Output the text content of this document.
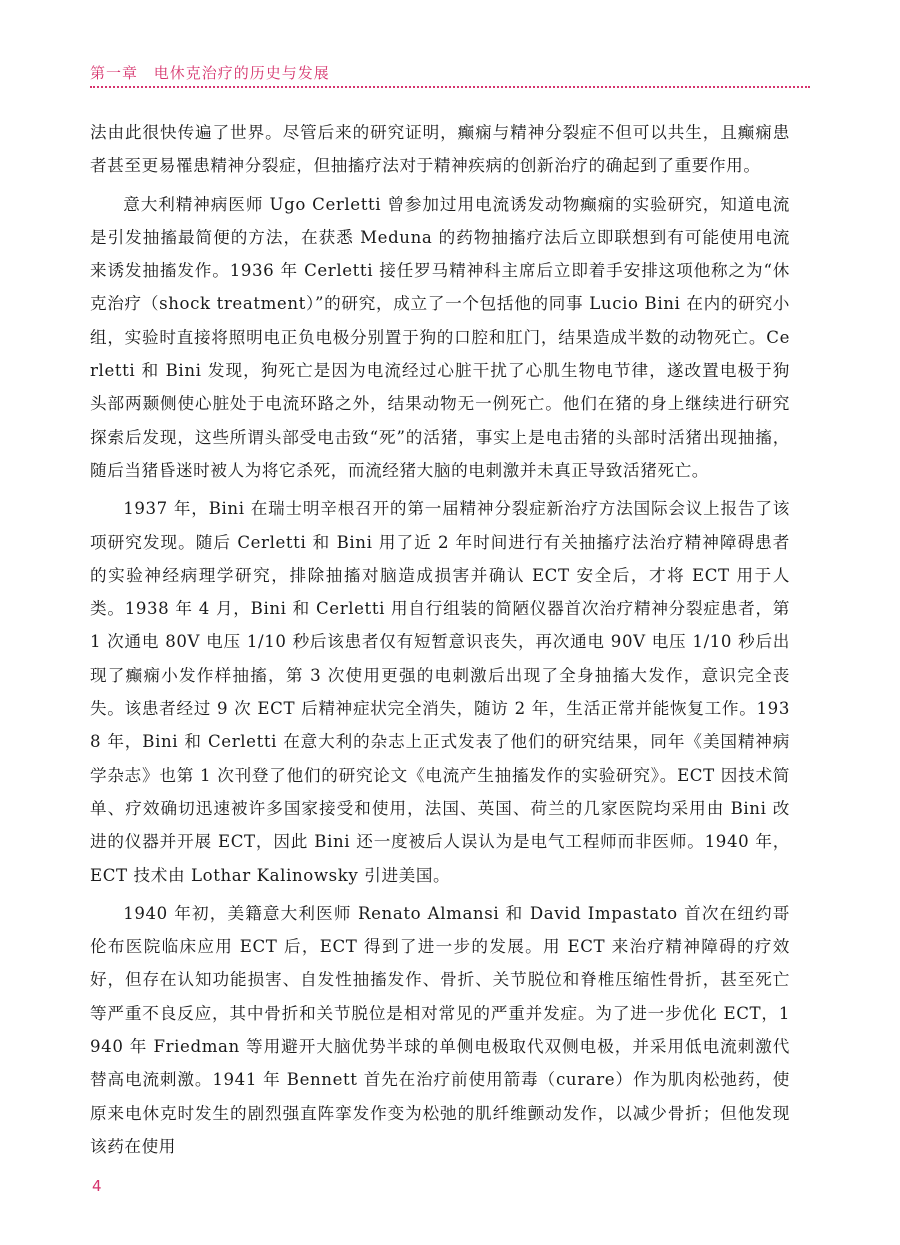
第一章 电休克治疗的历史与发展

法由此很快传遍了世界。尽管后来的研究证明，癫痫与精神分裂症不但可以共生，且癫痫患者甚至更易罹患精神分裂症，但抽搐疗法对于精神疾病的创新治疗的确起到了重要作用。

意大利精神病医师 Ugo Cerletti 曾参加过用电流诱发动物癫痫的实验研究，知道电流是引发抽搐最简便的方法，在获悉 Meduna 的药物抽搐疗法后立即联想到有可能使用电流来诱发抽搐发作。1936 年 Cerletti 接任罗马精神科主席后立即着手安排这项他称之为“休克治疗（shock treatment）”的研究，成立了一个包括他的同事 Lucio Bini 在内的研究小组，实验时直接将照明电正负电极分别置于狗的口腔和肛门，结果造成半数的动物死亡。Cerletti 和 Bini 发现，狗死亡是因为电流经过心脏干扰了心肌生物电节律，遂改置电极于狗头部两颞侧使心脏处于电流环路之外，结果动物无一例死亡。他们在猪的身上继续进行研究探索后发现，这些所谓头部受电击致“死”的活猪，事实上是电击猪的头部时活猪出现抽搐，随后当猪昏迷时被人为将它杀死，而流经猪大脑的电刺激并未真正导致活猪死亡。

1937 年，Bini 在瑞士明辛根召开的第一届精神分裂症新治疗方法国际会议上报告了该项研究发现。随后 Cerletti 和 Bini 用了近 2 年时间进行有关抽搐疗法治疗精神障碍患者的实验神经病理学研究，排除抽搐对脑造成损害并确认 ECT 安全后，才将 ECT 用于人类。1938 年 4 月，Bini 和 Cerletti 用自行组装的简陋仪器首次治疗精神分裂症患者，第 1 次通电 80V 电压 1/10 秒后该患者仅有短暂意识丧失，再次通电 90V 电压 1/10 秒后出现了癫痫小发作样抽搐，第 3 次使用更强的电刺激后出现了全身抽搐大发作，意识完全丧失。该患者经过 9 次 ECT 后精神症状完全消失，随访 2 年，生活正常并能恢复工作。1938 年，Bini 和 Cerletti 在意大利的杂志上正式发表了他们的研究结果，同年《美国精神病学杂志》也第 1 次刊登了他们的研究论文《电流产生抽搐发作的实验研究》。ECT 因技术简单、疗效确切迅速被许多国家接受和使用，法国、英国、荷兰的几家医院均采用由 Bini 改进的仪器并开展 ECT，因此 Bini 还一度被后人误认为是电气工程师而非医师。1940 年，ECT 技术由 Lothar Kalinowsky 引进美国。

1940 年初，美籍意大利医师 Renato Almansi 和 David Impastato 首次在纽约哥伦布医院临床应用 ECT 后，ECT 得到了进一步的发展。用 ECT 来治疗精神障碍的疗效好，但存在认知功能损害、自发性抽搐发作、骨折、关节脱位和脊椎压缩性骨折，甚至死亡等严重不良反应，其中骨折和关节脱位是相对常见的严重并发症。为了进一步优化 ECT，1940 年 Friedman 等用避开大脑优势半球的单侧电极取代双侧电极，并采用低电流刺激代替高电流刺激。1941 年 Bennett 首先在治疗前使用箭毒（curare）作为肌肉松弛药，使原来电休克时发生的剧烈强直阵挛发作变为松弛的肌纤维颤动发作，以减少骨折；但他发现该药在使用

4
